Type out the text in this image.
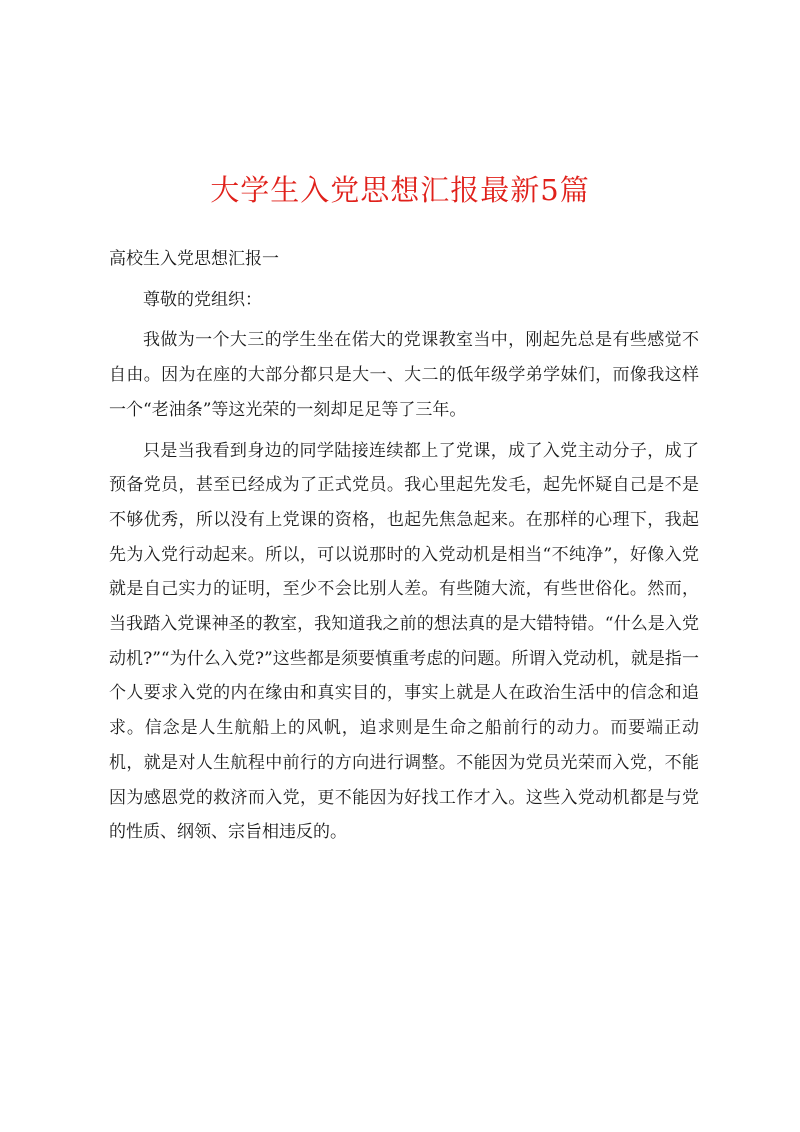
大学生入党思想汇报最新5篇

高校生入党思想汇报一

尊敬的党组织：

我做为一个大三的学生坐在偌大的党课教室当中，刚起先总是有些感觉不自由。因为在座的大部分都只是大一、大二的低年级学弟学妹们，而像我这样一个“老油条”等这光荣的一刻却足足等了三年。

只是当我看到身边的同学陆接连续都上了党课，成了入党主动分子，成了预备党员，甚至已经成为了正式党员。我心里起先发毛，起先怀疑自己是不是不够优秀，所以没有上党课的资格，也起先焦急起来。在那样的心理下，我起先为入党行动起来。所以，可以说那时的入党动机是相当“不纯净”，好像入党就是自己实力的证明，至少不会比别人差。有些随大流，有些世俗化。然而，当我踏入党课神圣的教室，我知道我之前的想法真的是大错特错。“什么是入党动机?”“为什么入党?”这些都是须要慎重考虑的问题。所谓入党动机，就是指一个人要求入党的内在缘由和真实目的，事实上就是人在政治生活中的信念和追求。信念是人生航船上的风帆，追求则是生命之船前行的动力。而要端正动机，就是对人生航程中前行的方向进行调整。不能因为党员光荣而入党，不能因为感恩党的救济而入党，更不能因为好找工作才入。这些入党动机都是与党的性质、纲领、宗旨相违反的。
